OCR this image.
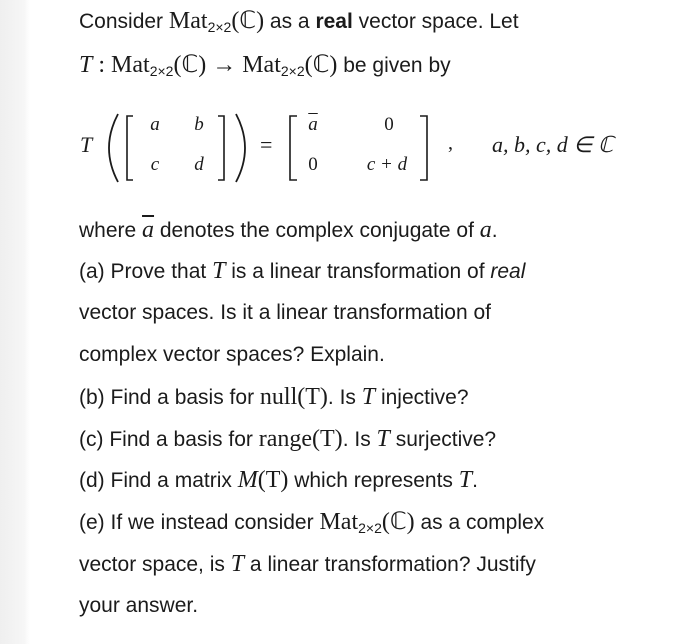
Consider Mat$_{2\times 2}$(ℂ) as a real vector space. Let
T : Mat$_{2\times 2}$(ℂ) → Mat$_{2\times 2}$(ℂ) be given by
T
a	b
c	d
=
$\overline{a}$	0
0	c + d
, a, b, c, d ∈ ℂ
where $\overline{a}$ denotes the complex conjugate of a.
(a) Prove that T is a linear transformation of real
vector spaces. Is it a linear transformation of
complex vector spaces? Explain.
(b) Find a basis for null(T). Is T injective?
(c) Find a basis for range(T). Is T surjective?
(d) Find a matrix M(T) which represents T.
(e) If we instead consider Mat$_{2\times 2}$(ℂ) as a complex
vector space, is T a linear transformation? Justify
your answer.
